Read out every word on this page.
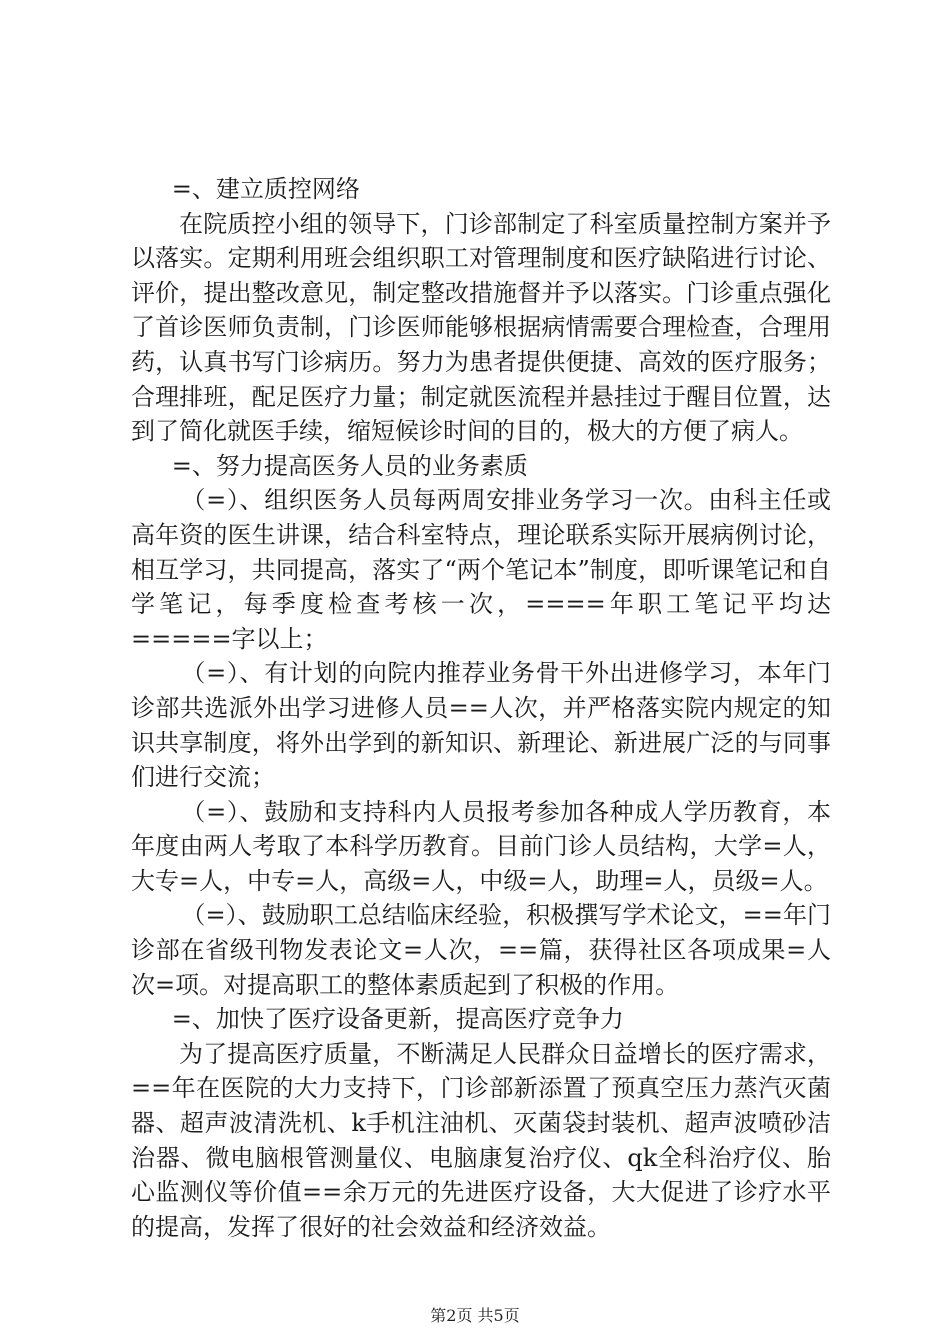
=、建立质控网络

在院质控小组的领导下，门诊部制定了科室质量控制方案并予以落实。定期利用班会组织职工对管理制度和医疗缺陷进行讨论、评价，提出整改意见，制定整改措施督并予以落实。门诊重点强化了首诊医师负责制，门诊医师能够根据病情需要合理检查，合理用药，认真书写门诊病历。努力为患者提供便捷、高效的医疗服务；合理排班，配足医疗力量；制定就医流程并悬挂过于醒目位置，达到了简化就医手续，缩短候诊时间的目的，极大的方便了病人。

=、努力提高医务人员的业务素质

（=）、组织医务人员每两周安排业务学习一次。由科主任或高年资的医生讲课，结合科室特点，理论联系实际开展病例讨论，相互学习，共同提高，落实了“两个笔记本”制度，即听课笔记和自学笔记，每季度检查考核一次，====年职工笔记平均达=====字以上；

（=）、有计划的向院内推荐业务骨干外出进修学习，本年门诊部共选派外出学习进修人员==人次，并严格落实院内规定的知识共享制度，将外出学到的新知识、新理论、新进展广泛的与同事们进行交流；

（=）、鼓励和支持科内人员报考参加各种成人学历教育，本年度由两人考取了本科学历教育。目前门诊人员结构，大学=人，大专=人，中专=人，高级=人，中级=人，助理=人，员级=人。

（=）、鼓励职工总结临床经验，积极撰写学术论文，==年门诊部在省级刊物发表论文=人次，==篇，获得社区各项成果=人次=项。对提高职工的整体素质起到了积极的作用。

=、加快了医疗设备更新，提高医疗竞争力

为了提高医疗质量，不断满足人民群众日益增长的医疗需求，==年在医院的大力支持下，门诊部新添置了预真空压力蒸汽灭菌器、超声波清洗机、k手机注油机、灭菌袋封装机、超声波喷砂洁治器、微电脑根管测量仪、电脑康复治疗仪、qk全科治疗仪、胎心监测仪等价值==余万元的先进医疗设备，大大促进了诊疗水平的提高，发挥了很好的社会效益和经济效益。

第2页 共5页
